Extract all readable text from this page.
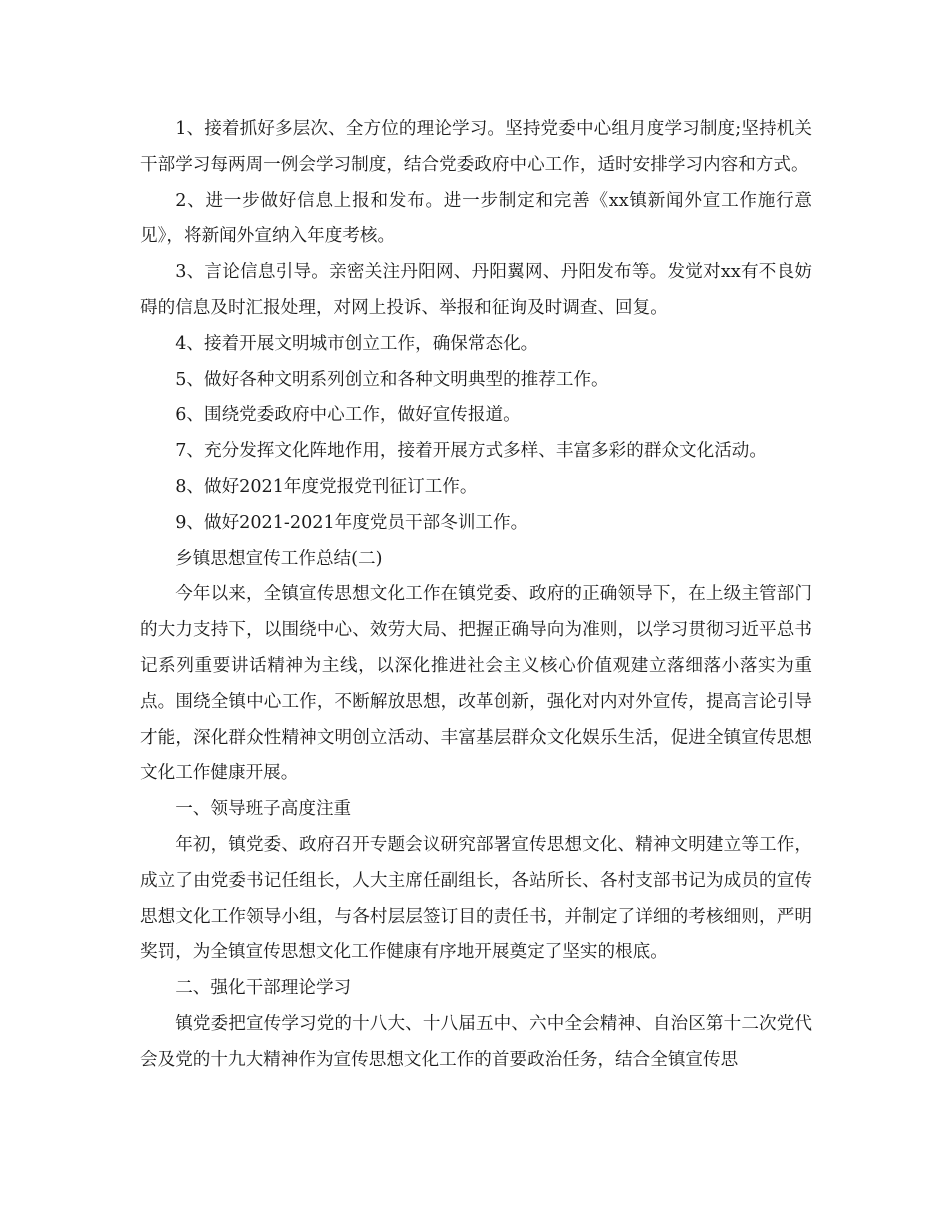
1、接着抓好多层次、全方位的理论学习。坚持党委中心组月度学习制度;坚持机关干部学习每两周一例会学习制度，结合党委政府中心工作，适时安排学习内容和方式。

2、进一步做好信息上报和发布。进一步制定和完善《xx镇新闻外宣工作施行意见》，将新闻外宣纳入年度考核。

3、言论信息引导。亲密关注丹阳网、丹阳翼网、丹阳发布等。发觉对xx有不良妨碍的信息及时汇报处理，对网上投诉、举报和征询及时调查、回复。

4、接着开展文明城市创立工作，确保常态化。

5、做好各种文明系列创立和各种文明典型的推荐工作。

6、围绕党委政府中心工作，做好宣传报道。

7、充分发挥文化阵地作用，接着开展方式多样、丰富多彩的群众文化活动。

8、做好2021年度党报党刊征订工作。

9、做好2021-2021年度党员干部冬训工作。

乡镇思想宣传工作总结(二)

今年以来，全镇宣传思想文化工作在镇党委、政府的正确领导下，在上级主管部门的大力支持下，以围绕中心、效劳大局、把握正确导向为准则，以学习贯彻习近平总书记系列重要讲话精神为主线，以深化推进社会主义核心价值观建立落细落小落实为重点。围绕全镇中心工作，不断解放思想，改革创新，强化对内对外宣传，提高言论引导才能，深化群众性精神文明创立活动、丰富基层群众文化娱乐生活，促进全镇宣传思想文化工作健康开展。

一、领导班子高度注重

年初，镇党委、政府召开专题会议研究部署宣传思想文化、精神文明建立等工作，成立了由党委书记任组长，人大主席任副组长，各站所长、各村支部书记为成员的宣传思想文化工作领导小组，与各村层层签订目的责任书，并制定了详细的考核细则，严明奖罚，为全镇宣传思想文化工作健康有序地开展奠定了坚实的根底。

二、强化干部理论学习

镇党委把宣传学习党的十八大、十八届五中、六中全会精神、自治区第十二次党代会及党的十九大精神作为宣传思想文化工作的首要政治任务，结合全镇宣传思
